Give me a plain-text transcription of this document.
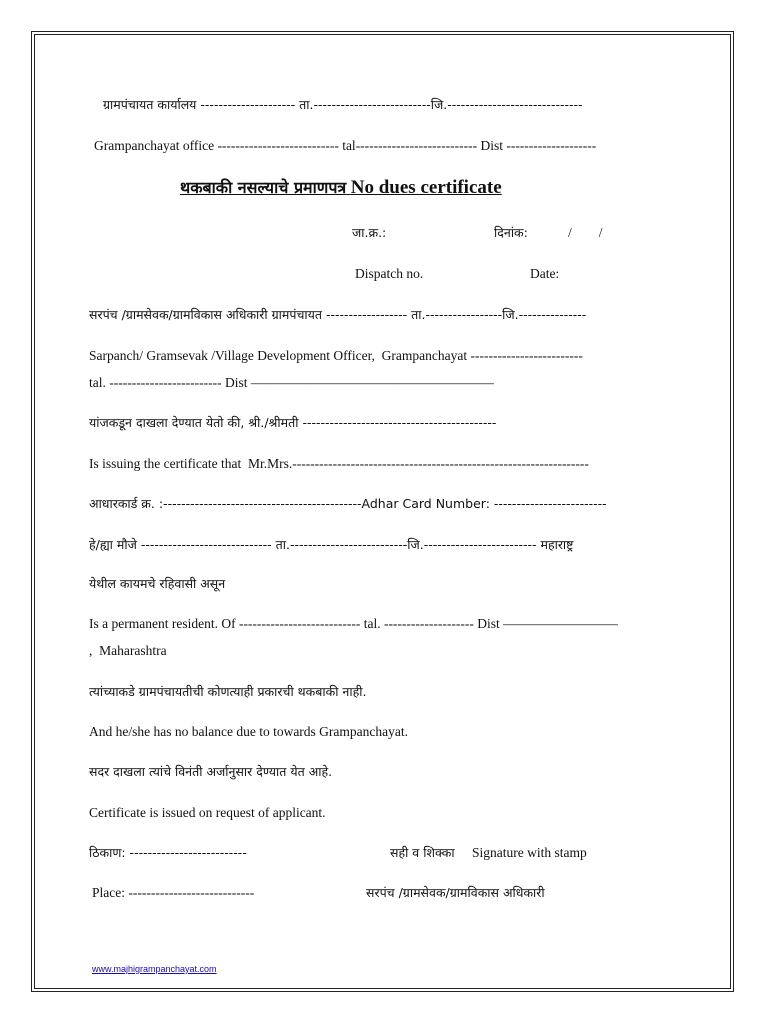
ग्रामपंचायत कार्यालय --------------------- ता.--------------------------जि.------------------------------
Grampanchayat office --------------------------- tal--------------------------- Dist --------------------
थकबाकी नसल्याचे प्रमाणपत्र No dues certificate
जा.क्र.:	दिनांक:	/        /
Dispatch no.	Date:
सरपंच /ग्रामसेवक/ग्रामविकास अधिकारी ग्रामपंचायत ------------------ ता.-----------------जि.---------------
Sarpanch/ Gramsevak /Village Development Officer,  Grampanchayat -------------------------
tal. ------------------------- Dist ––––––––––––––––––––––––––––––––––––
यांजकडून दाखला देण्यात येतो की, श्री./श्रीमती -------------------------------------------
Is issuing the certificate that  Mr.Mrs.------------------------------------------------------------------
आधारकार्ड क्र. :--------------------------------------------Adhar Card Number: -------------------------
हे/ह्या मौजे ----------------------------- ता.--------------------------जि.------------------------- महाराष्ट्र
येथील कायमचे रहिवासी असून
Is a permanent resident. Of --------------------------- tal. -------------------- Dist –––––––––––––––––
,  Maharashtra
त्यांच्याकडे ग्रामपंचायतीची कोणत्याही प्रकारची थकबाकी नाही.
And he/she has no balance due to towards Grampanchayat.
सदर दाखला त्यांचे विनंती अर्जानुसार देण्यात येत आहे.
Certificate is issued on request of applicant.
ठिकाण: --------------------------	सही व शिक्का Signature with stamp
Place: ----------------------------	सरपंच /ग्रामसेवक/ग्रामविकास अधिकारी
www.majhigrampanchayat.com
